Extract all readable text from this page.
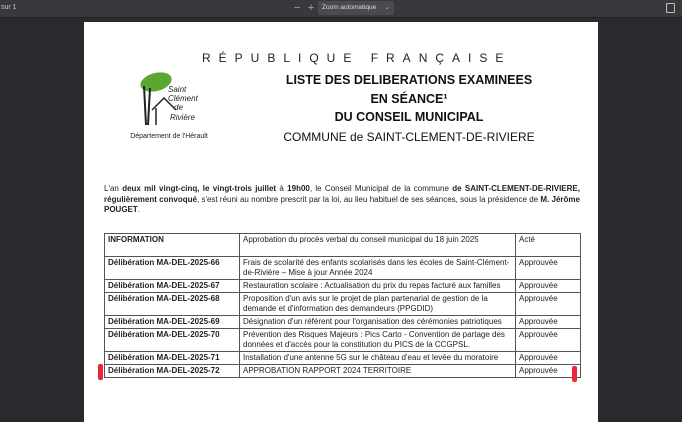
sur 1	− +	Zoom automatique ⌄
RÉPUBLIQUE FRANÇAISE
Saint
Clément
de
Rivière
Département de l'Hérault
LISTE DES DELIBERATIONS EXAMINEES
EN SÉANCE¹
DU CONSEIL MUNICIPAL
COMMUNE de SAINT-CLEMENT-DE-RIVIERE
L'an deux mil vingt-cinq, le vingt-trois juillet à 19h00, le Conseil Municipal de la commune de SAINT-CLEMENT-DE-RIVIERE, régulièrement convoqué, s'est réuni au nombre prescrit par la loi, au lieu habituel de ses séances, sous la présidence de M. Jérôme POUGET.
INFORMATION	Approbation du procès verbal du conseil municipal du 18 juin 2025	Acté
Délibération MA-DEL-2025-66	Frais de scolarité des enfants scolarisés dans les écoles de Saint-Clément-de-Rivière – Mise à jour Année 2024	Approuvée
Délibération MA-DEL-2025-67	Restauration scolaire : Actualisation du prix du repas facturé aux familles	Approuvée
Délibération MA-DEL-2025-68	Proposition d'un avis sur le projet de plan partenarial de gestion de la demande et d'information des demandeurs (PPGDID)	Approuvée
Délibération MA-DEL-2025-69	Désignation d'un référent pour l'organisation des cérémonies patriotiques	Approuvée
Délibération MA-DEL-2025-70	Prévention des Risques Majeurs : Pics Carto - Convention de partage des données et d'accès pour la constitution du PICS de la CCGPSL.	Approuvée
Délibération MA-DEL-2025-71	Installation d'une antenne 5G sur le château d'eau et levée du moratoire	Approuvée
Délibération MA-DEL-2025-72	APPROBATION RAPPORT 2024 TERRITOIRE	Approuvée
